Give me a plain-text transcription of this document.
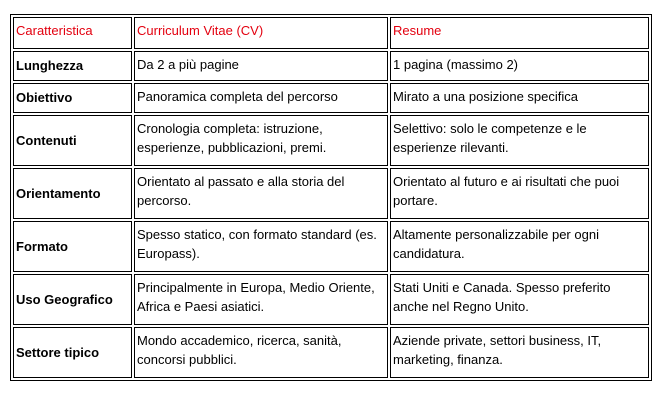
Caratteristica	Curriculum Vitae (CV)	Resume
Lunghezza	Da 2 a più pagine	1 pagina (massimo 2)
Obiettivo	Panoramica completa del percorso	Mirato a una posizione specifica
Contenuti	Cronologia completa: istruzione, esperienze, pubblicazioni, premi.	Selettivo: solo le competenze e le esperienze rilevanti.
Orientamento	Orientato al passato e alla storia del percorso.	Orientato al futuro e ai risultati che puoi portare.
Formato	Spesso statico, con formato standard (es. Europass).	Altamente personalizzabile per ogni candidatura.
Uso Geografico	Principalmente in Europa, Medio Oriente, Africa e Paesi asiatici.	Stati Uniti e Canada. Spesso preferito anche nel Regno Unito.
Settore tipico	Mondo accademico, ricerca, sanità, concorsi pubblici.	Aziende private, settori business, IT, marketing, finanza.
